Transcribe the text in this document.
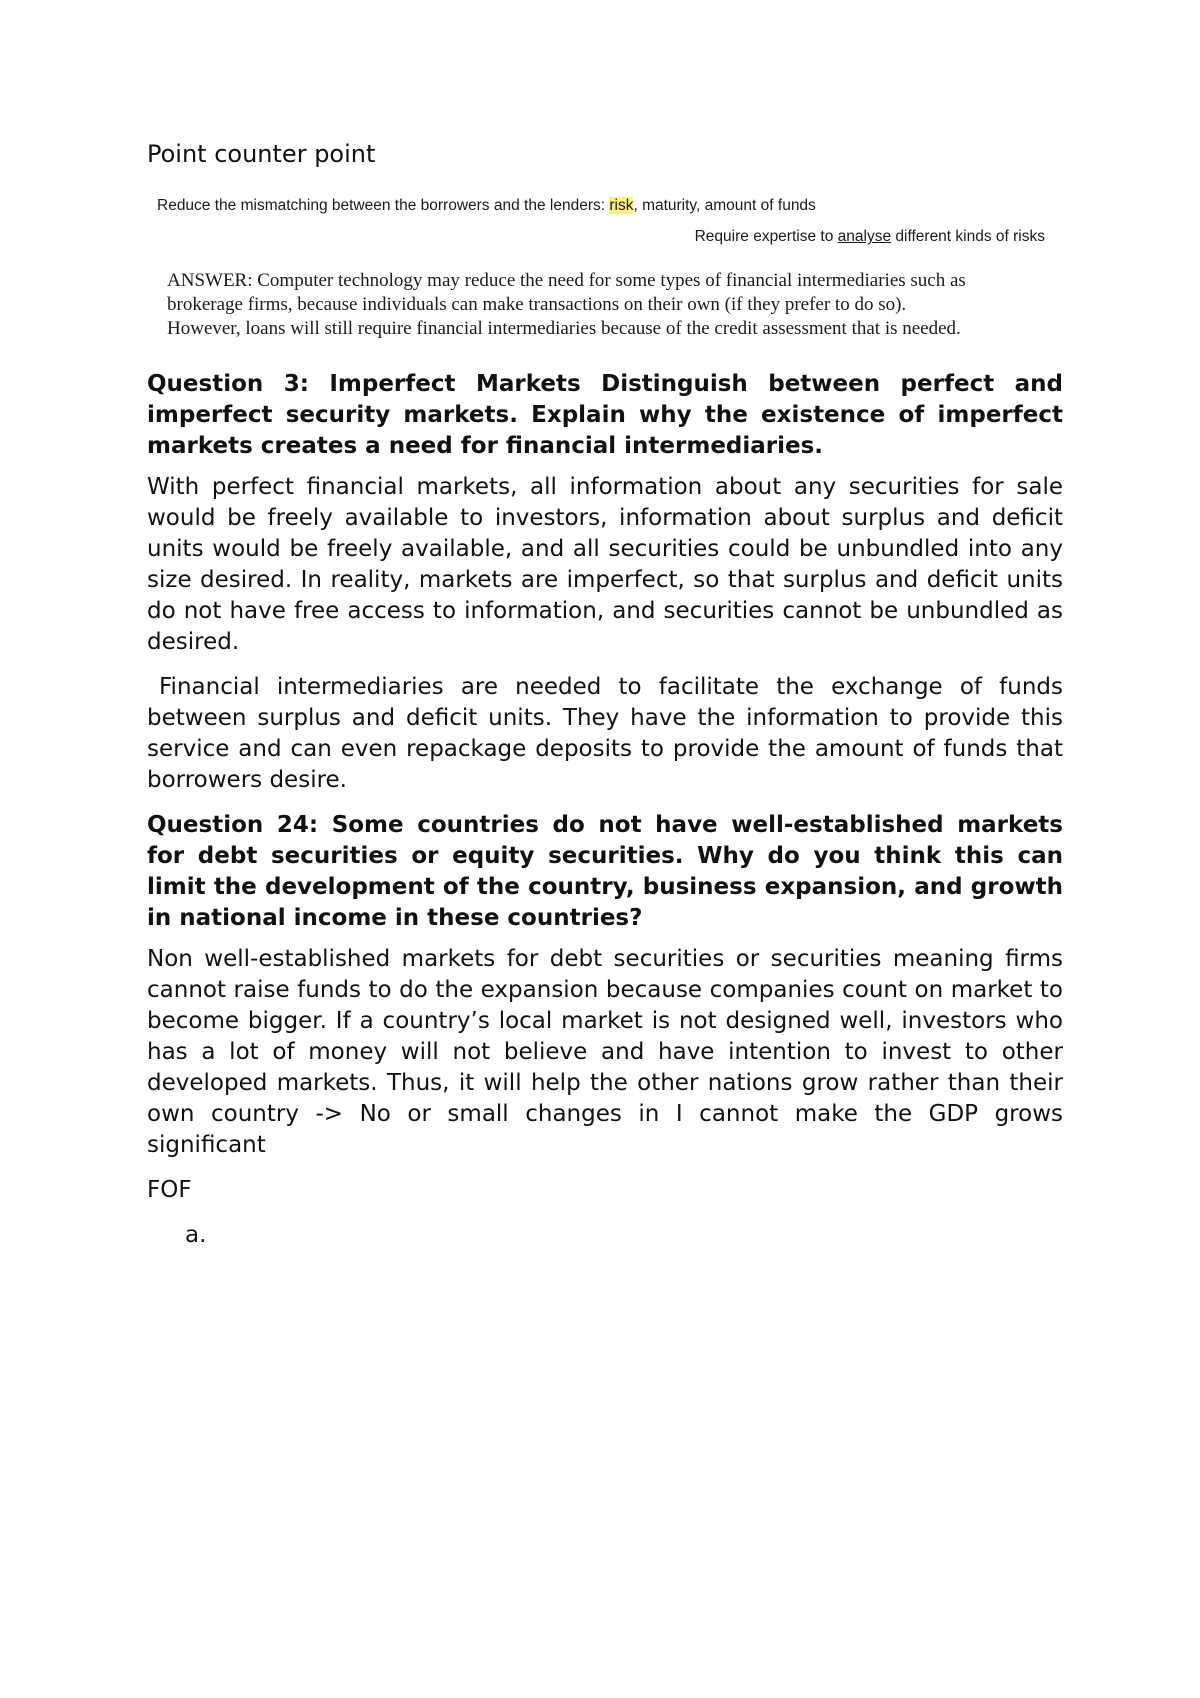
Point counter point
Reduce the mismatching between the borrowers and the lenders: risk, maturity, amount of funds
Require expertise to analyse different kinds of risks
ANSWER: Computer technology may reduce the need for some types of financial intermediaries such as
brokerage firms, because individuals can make transactions on their own (if they prefer to do so).
However, loans will still require financial intermediaries because of the credit assessment that is needed.

Question 3: Imperfect Markets Distinguish between perfect and imperfect security markets. Explain why the existence of imperfect markets creates a need for financial intermediaries.

With perfect financial markets, all information about any securities for sale would be freely available to investors, information about surplus and deficit units would be freely available, and all securities could be unbundled into any size desired. In reality, markets are imperfect, so that surplus and deficit units do not have free access to information, and securities cannot be unbundled as desired.

Financial intermediaries are needed to facilitate the exchange of funds between surplus and deficit units. They have the information to provide this service and can even repackage deposits to provide the amount of funds that borrowers desire.

Question 24: Some countries do not have well-established markets for debt securities or equity securities. Why do you think this can limit the development of the country, business expansion, and growth in national income in these countries?

Non well-established markets for debt securities or securities meaning firms cannot raise funds to do the expansion because companies count on market to become bigger. If a country’s local market is not designed well, investors who has a lot of money will not believe and have intention to invest to other developed markets. Thus, it will help the other nations grow rather than their own country -> No or small changes in I cannot make the GDP grows significant

FOF

a.
